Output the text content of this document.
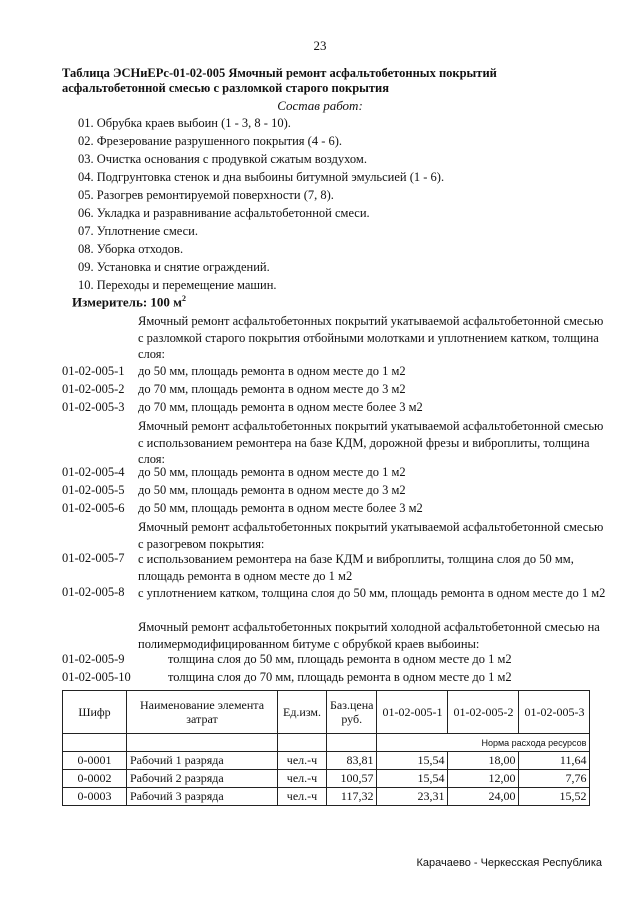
23
Таблица ЭСНиЕРс-01-02-005 Ямочный ремонт асфальтобетонных покрытий асфальтобетонной смесью с разломкой старого покрытия
Состав работ:
01. Обрубка краев выбоин (1 - 3, 8 - 10).
02. Фрезерование разрушенного покрытия (4 - 6).
03. Очистка основания с продувкой сжатым воздухом.
04. Подгрунтовка стенок и дна выбоины битумной эмульсией (1 - 6).
05. Разогрев ремонтируемой поверхности (7, 8).
06. Укладка и разравнивание асфальтобетонной смеси.
07. Уплотнение смеси.
08. Уборка отходов.
09. Установка и снятие ограждений.
10. Переходы и перемещение машин.
Измеритель: 100 $м^2$
Ямочный ремонт асфальтобетонных покрытий укатываемой асфальтобетонной смесью с разломкой старого покрытия отбойными молотками и уплотнением катком, толщина слоя:
01-02-005-1 до 50 мм, площадь ремонта в одном месте до 1 м2
01-02-005-2 до 70 мм, площадь ремонта в одном месте до 3 м2
01-02-005-3 до 70 мм, площадь ремонта в одном месте более 3 м2
Ямочный ремонт асфальтобетонных покрытий укатываемой асфальтобетонной смесью с использованием ремонтера на базе КДМ, дорожной фрезы и виброплиты, толщина слоя:
01-02-005-4 до 50 мм, площадь ремонта в одном месте до 1 м2
01-02-005-5 до 50 мм, площадь ремонта в одном месте до 3 м2
01-02-005-6 до 50 мм, площадь ремонта в одном месте более 3 м2
Ямочный ремонт асфальтобетонных покрытий укатываемой асфальтобетонной смесью с разогревом покрытия:
01-02-005-7 с использованием ремонтера на базе КДМ и виброплиты, толщина слоя до 50 мм, площадь ремонта в одном месте до 1 м2
01-02-005-8 с уплотнением катком, толщина слоя до 50 мм, площадь ремонта в одном месте до 1 м2
Ямочный ремонт асфальтобетонных покрытий холодной асфальтобетонной смесью на полимермодифицированном битуме с обрубкой краев выбоины:
01-02-005-9	толщина слоя до 50 мм, площадь ремонта в одном месте до 1 м2
01-02-005-10	толщина слоя до 70 мм, площадь ремонта в одном месте до 1 м2
Шифр	Наименование элемента затрат	Ед.изм.	Баз.цена руб.	01-02-005-1	01-02-005-2	01-02-005-3
				Норма расхода ресурсов		
0-0001	Рабочий 1 разряда	чел.-ч	83,81	15,54	18,00	11,64
0-0002	Рабочий 2 разряда	чел.-ч	100,57	15,54	12,00	7,76
0-0003	Рабочий 3 разряда	чел.-ч	117,32	23,31	24,00	15,52
Карачаево - Черкесская Республика
